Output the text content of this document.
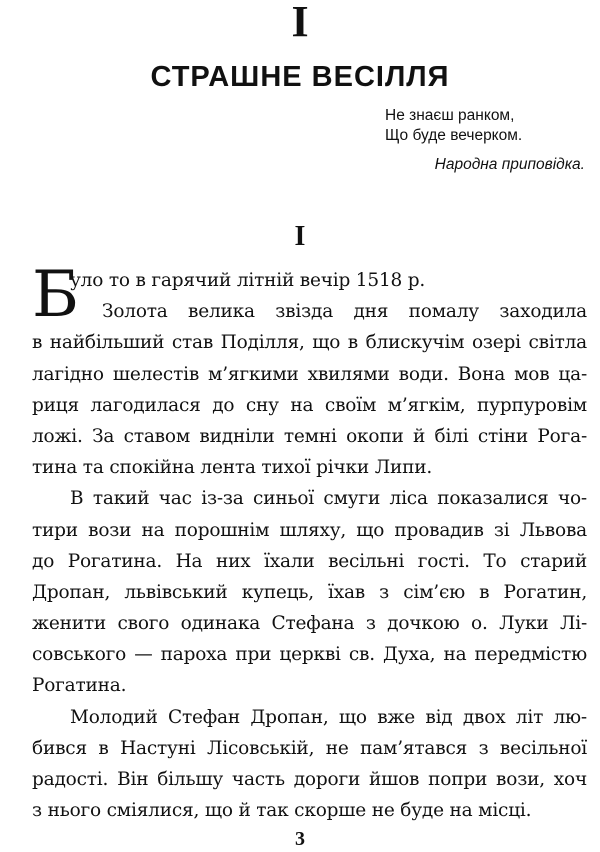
I
СТРАШНЕ ВЕСІЛЛЯ
Не знаєш ранком,
Що буде вечерком.
Народна приповідка.
I
Б
уло то в гарячий літній вечір 1518 р.
Золота велика звізда дня помалу заходила
в найбільший став Поділля, що в блискучім озері світла
лагідно шелестів м’ягкими хвилями води. Вона мов ца-
риця лагодилася до сну на своїм м’ягкім, пурпуровім
ложі. За ставом видніли темні окопи й білі стіни Рога-
тина та спокійна лента тихої річки Липи.
В такий час із-за синьої смуги ліса показалися чо-
тири вози на порошнім шляху, що провадив зі Львова
до Рогатина. На них їхали весільні гості. То старий
Дропан, львівський купець, їхав з сім’єю в Рогатин,
женити свого одинака Стефана з дочкою о. Луки Лі-
совського — пароха при церкві св. Духа, на передмістю
Рогатина.
Молодий Стефан Дропан, що вже від двох літ лю-
бився в Настуні Лісовській, не пам’ятався з весільної
радості. Він більшу часть дороги йшов попри вози, хоч
з нього сміялися, що й так скорше не буде на місці.
3
